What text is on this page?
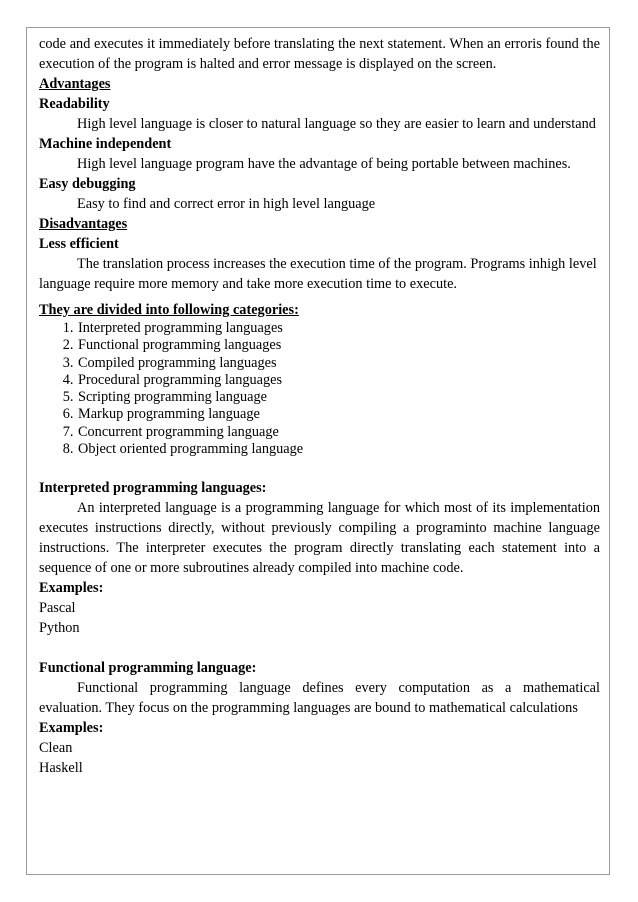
code and executes it immediately before translating the next statement. When an erroris found the execution of the program is halted and error message is displayed on the screen.

Advantages

Readability

High level language is closer to natural language so they are easier to learn and understand

Machine independent

High level language program have the advantage of being portable between machines.

Easy debugging

Easy to find and correct error in high level language

Disadvantages

Less efficient

The translation process increases the execution time of the program. Programs inhigh level language require more memory and take more execution time to execute.

They are divided into following categories:

1. Interpreted programming languages
2. Functional programming languages
3. Compiled programming languages
4. Procedural programming languages
5. Scripting programming language
6. Markup programming language
7. Concurrent programming language
8. Object oriented programming language

Interpreted programming languages:

An interpreted language is a programming language for which most of its implementation executes instructions directly, without previously compiling a programinto machine language instructions. The interpreter executes the program directly translating each statement into a sequence of one or more subroutines already compiled into machine code.

Examples:

Pascal

Python

Functional programming language:

Functional programming language defines every computation as a mathematical evaluation. They focus on the programming languages are bound to mathematical calculations

Examples:

Clean

Haskell
